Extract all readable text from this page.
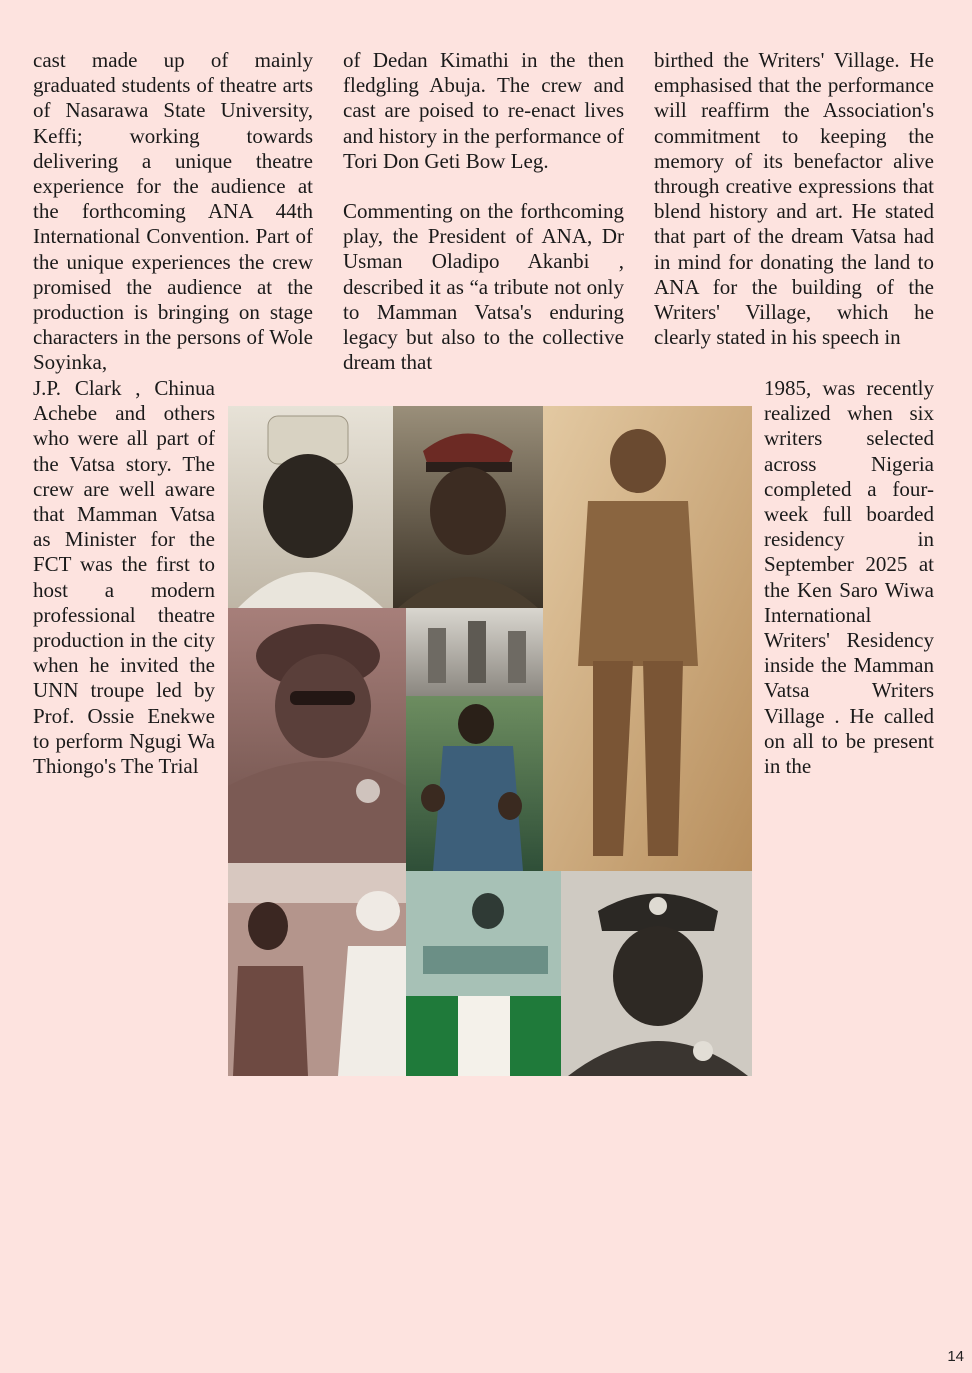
cast made up of mainly graduated students of theatre arts of Nasarawa State University, Keffi; working towards delivering a unique theatre experience for the audience at the forthcoming ANA 44th International Convention. Part of the unique experiences the crew promised the audience at the production is bringing on stage characters in the persons of Wole Soyinka,

J.P. Clark , Chinua Achebe and others who were all part of the Vatsa story. The crew are well aware that Mamman Vatsa as Minister for the FCT was the first to host a modern professional theatre production in the city when he invited the UNN troupe led by Prof. Ossie Enekwe to perform Ngugi Wa Thiongo's The Trial

of Dedan Kimathi in the then fledgling Abuja. The crew and cast are poised to re-enact lives and history in the performance of Tori Don Geti Bow Leg.
Commenting on the forthcoming play, the President of ANA, Dr Usman Oladipo Akanbi , described it as “a tribute not only to Mamman Vatsa's enduring legacy but also to the collective dream that

birthed the Writers' Village. He emphasised that the performance will reaffirm the Association's commitment to keeping the memory of its benefactor alive through creative expressions that blend history and art. He stated that part of the dream Vatsa had in mind for donating the land to ANA for the building of the Writers' Village, which he clearly stated in his speech in

1985, was recently realized when six writers selected across Nigeria completed a four-week full boarded residency in September 2025 at the Ken Saro Wiwa International Writers' Residency inside the Mamman Vatsa Writers Village . He called on all to be present in the

14
